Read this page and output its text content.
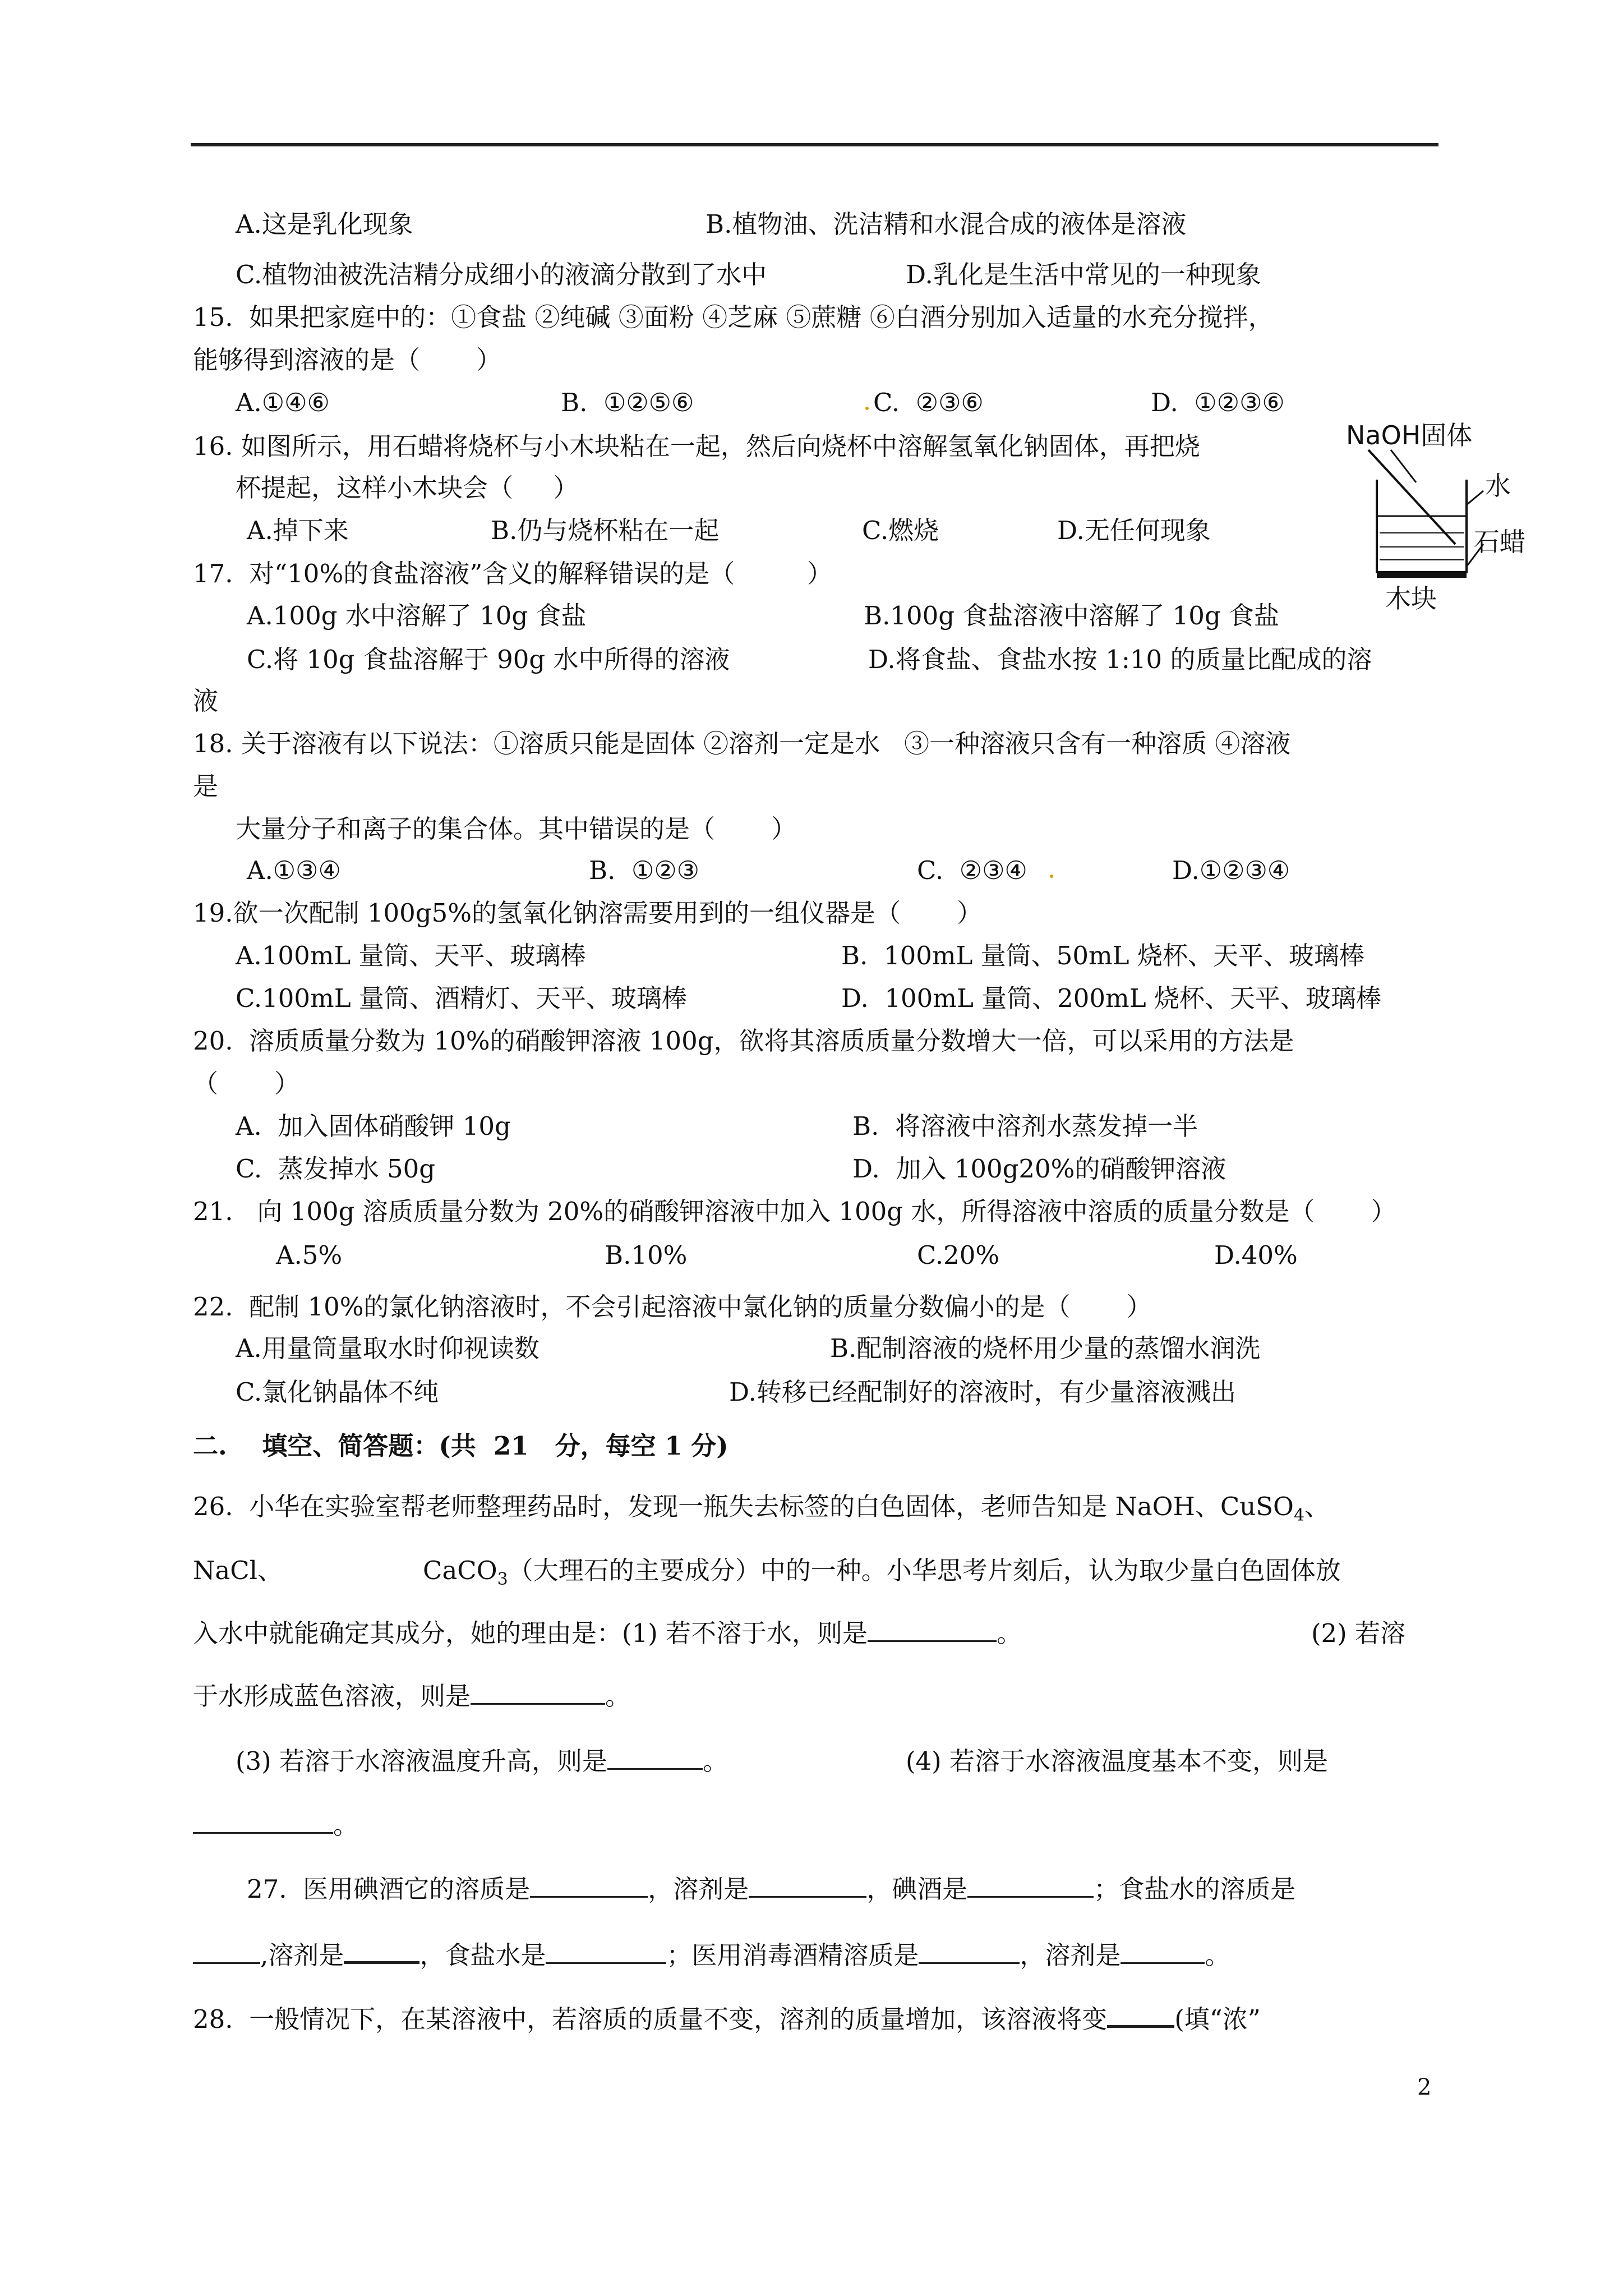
A.这是乳化现象	B.植物油、洗洁精和水混合成的液体是溶液
C.植物油被洗洁精分成细小的液滴分散到了水中	D.乳化是生活中常见的一种现象
15.  如果把家庭中的：①食盐 ②纯碱 ③面粉 ④芝麻 ⑤蔗糖 ⑥白酒分别加入适量的水充分搅拌，
能够得到溶液的是（       ）
A.①④⑥	B.  ①②⑤⑥	C.  ②③⑥	D.  ①②③⑥
16. 如图所示，用石蜡将烧杯与小木块粘在一起，然后向烧杯中溶解氢氧化钠固体，再把烧
杯提起，这样小木块会（     ）
A.掉下来	B.仍与烧杯粘在一起	C.燃烧	D.无任何现象
NaOH固体
水
石蜡
木块
17.  对“10%的食盐溶液”含义的解释错误的是（         ）
A.100g 水中溶解了 10g 食盐	B.100g 食盐溶液中溶解了 10g 食盐
C.将 10g 食盐溶解于 90g 水中所得的溶液	D.将食盐、食盐水按 1:10 的质量比配成的溶
液
18. 关于溶液有以下说法：①溶质只能是固体 ②溶剂一定是水   ③一种溶液只含有一种溶质 ④溶液
是
大量分子和离子的集合体。其中错误的是（       ）
A.①③④	B.  ①②③	C.  ②③④	D.①②③④
19.欲一次配制 100g5%的氢氧化钠溶需要用到的一组仪器是（       ）
A.100mL 量筒、天平、玻璃棒	B.  100mL 量筒、50mL 烧杯、天平、玻璃棒
C.100mL 量筒、酒精灯、天平、玻璃棒	D.  100mL 量筒、200mL 烧杯、天平、玻璃棒
20.  溶质质量分数为 10%的硝酸钾溶液 100g，欲将其溶质质量分数增大一倍，可以采用的方法是
（       ）
A.  加入固体硝酸钾 10g	B.  将溶液中溶剂水蒸发掉一半
C.  蒸发掉水 50g	D.  加入 100g20%的硝酸钾溶液
21.   向 100g 溶质质量分数为 20%的硝酸钾溶液中加入 100g 水，所得溶液中溶质的质量分数是（       ）
A.5%	B.10%	C.20%	D.40%
22.  配制 10%的氯化钠溶液时，不会引起溶液中氯化钠的质量分数偏小的是（       ）
A.用量筒量取水时仰视读数	B.配制溶液的烧杯用少量的蒸馏水润洗
C.氯化钠晶体不纯	D.转移已经配制好的溶液时，有少量溶液溅出
二.    填空、简答题：(共  21   分，每空 1 分)
26.  小华在实验室帮老师整理药品时，发现一瓶失去标签的白色固体，老师告知是 NaOH、CuSO$_4$、
NaCl、	CaCO$_3$（大理石的主要成分）中的一种。小华思考片刻后，认为取少量白色固体放
入水中就能确定其成分，她的理由是：(1) 若不溶于水，则是	。	(2) 若溶
于水形成蓝色溶液，则是	。
(3) 若溶于水溶液温度升高，则是	。	(4) 若溶于水溶液温度基本不变，则是
。
27.  医用碘酒它的溶质是	，溶剂是	，碘酒是	；食盐水的溶质是
,溶剂是	，食盐水是	；医用消毒酒精溶质是	，溶剂是	。
28.  一般情况下，在某溶液中，若溶质的质量不变，溶剂的质量增加，该溶液将变	(填“浓”
2
